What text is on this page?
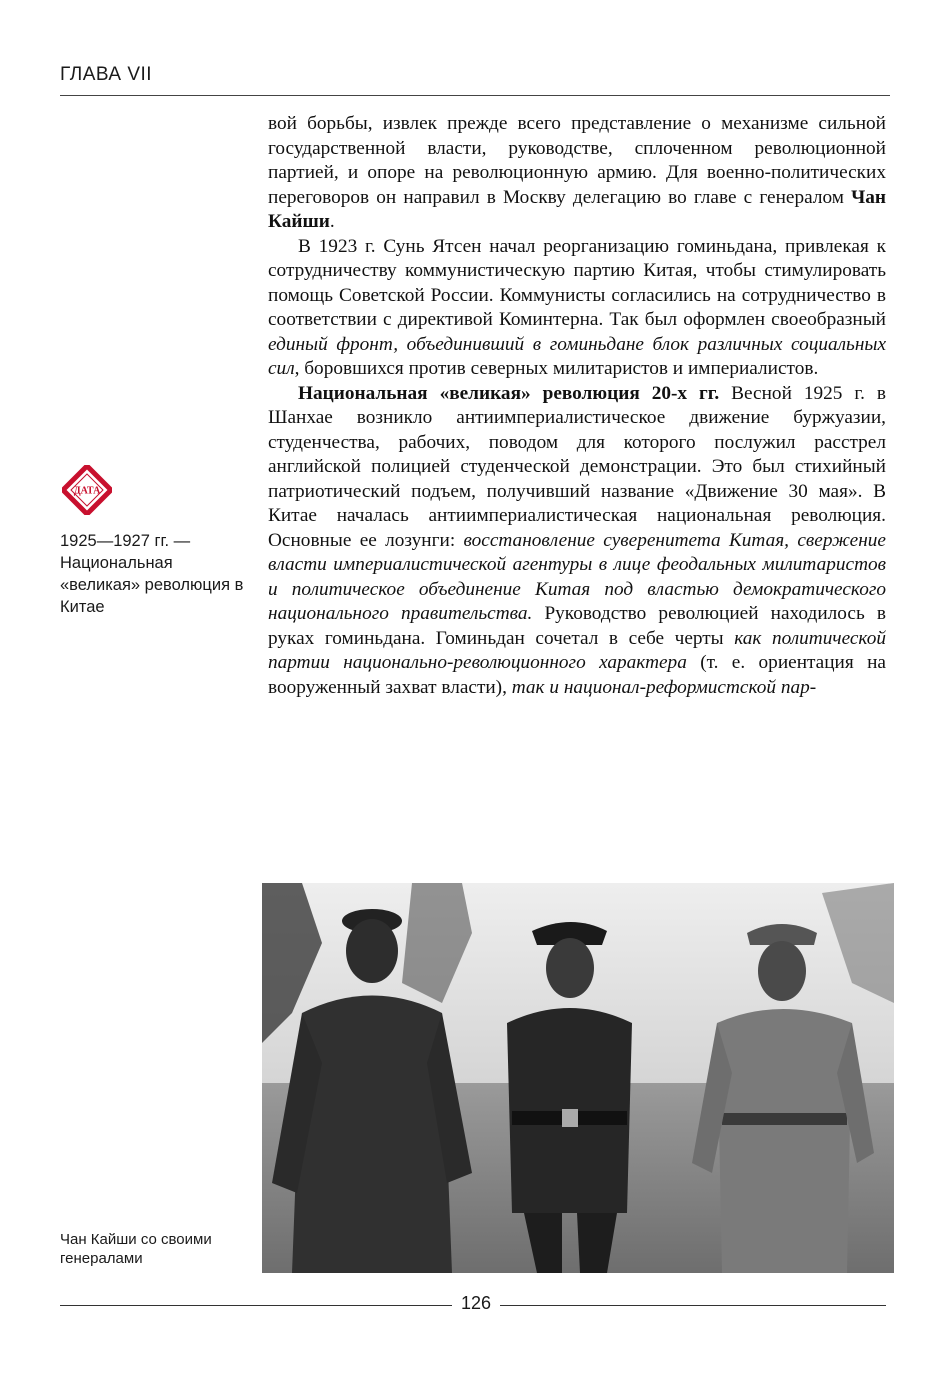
ГЛАВА VII

вой борьбы, извлек прежде всего представление о механизме сильной государственной власти, руководстве, сплоченном революционной партией, и опоре на революционную армию. Для военно-политических переговоров он направил в Москву делегацию во главе с генералом Чан Кайши.

В 1923 г. Сунь Ятсен начал реорганизацию гоминьдана, привлекая к сотрудничеству коммунистическую партию Китая, чтобы стимулировать помощь Советской России. Коммунисты согласились на сотрудничество в соответствии с директивой Коминтерна. Так был оформлен своеобразный единый фронт, объединивший в гоминьдане блок различных социальных сил, боровшихся против северных милитаристов и империалистов.

Национальная «великая» революция 20-х гг. Весной 1925 г. в Шанхае возникло антиимпериалистическое движение буржуазии, студенчества, рабочих, поводом для которого послужил расстрел английской полицией студенческой демонстрации. Это был стихийный патриотический подъем, получивший название «Движение 30 мая». В Китае началась антиимпериалистическая национальная революция. Основные ее лозунги: восстановление суверенитета Китая, свержение власти империалистической агентуры в лице феодальных милитаристов и политическое объединение Китая под властью демократического национального правительства. Руководство революцией находилось в руках гоминьдана. Гоминьдан сочетал в себе черты как политической партии национально-революционного характера (т. е. ориентация на вооруженный захват власти), так и национал-реформистской пар-

ДАТА
1925—1927 гг. — Национальная «великая» революция в Китае
Чан Кайши со своими генералами
126
